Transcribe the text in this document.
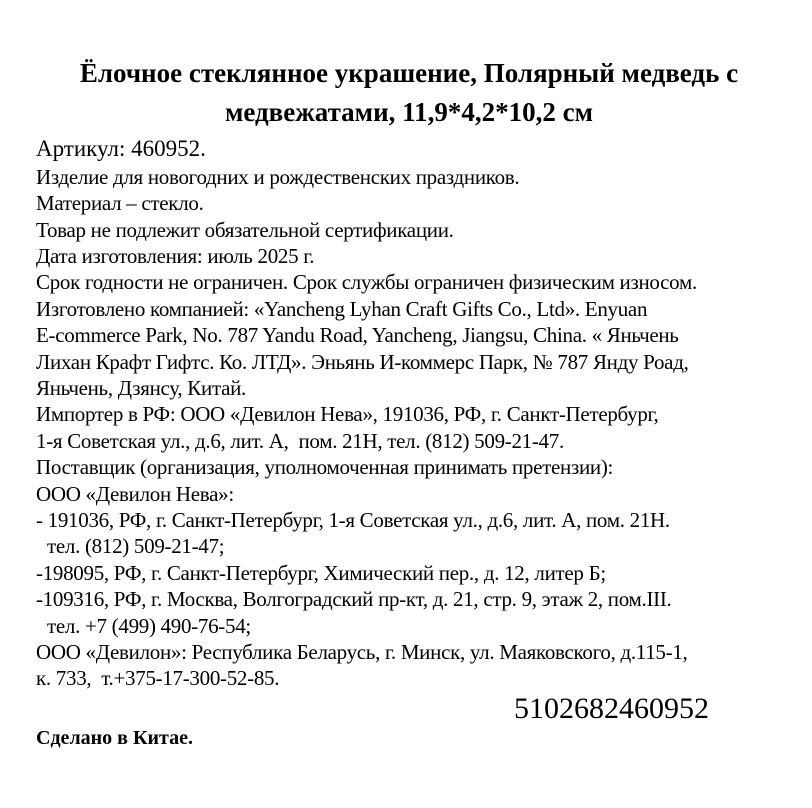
Ёлочное стеклянное украшение, Полярный медведь с медвежатами, 11,9*4,2*10,2 см
Артикул: 460952.
Изделие для новогодних и рождественских праздников.
Материал – стекло.
Товар не подлежит обязательной сертификации.
Дата изготовления: июль 2025 г.
Срок годности не ограничен. Срок службы ограничен физическим износом.
Изготовлено компанией: «Yancheng Lyhan Craft Gifts Co., Ltd». Enyuan
E-commerce Park, No. 787 Yandu Road, Yancheng, Jiangsu, China. « Яньчень
Лихан Крафт Гифтс. Ко. ЛТД». Эньянь И-коммерс Парк, № 787 Янду Роад,
Яньчень, Дзянсу, Китай.
Импортер в РФ: ООО «Девилон Нева», 191036, РФ, г. Санкт-Петербург,
1-я Советская ул., д.6, лит. А,  пом. 21Н, тел. (812) 509-21-47.
Поставщик (организация, уполномоченная принимать претензии):
ООО «Девилон Нева»:
- 191036, РФ, г. Санкт-Петербург, 1-я Советская ул., д.6, лит. А, пом. 21Н.
тел. (812) 509-21-47;
-198095, РФ, г. Санкт-Петербург, Химический пер., д. 12, литер Б;
-109316, РФ, г. Москва, Волгоградский пр-кт, д. 21, стр. 9, этаж 2, пом.III.
тел. +7 (499) 490-76-54;
ООО «Девилон»: Республика Беларусь, г. Минск, ул. Маяковского, д.115-1,
к. 733,  т.+375-17-300-52-85.
5102682460952
Сделано в Китае.
